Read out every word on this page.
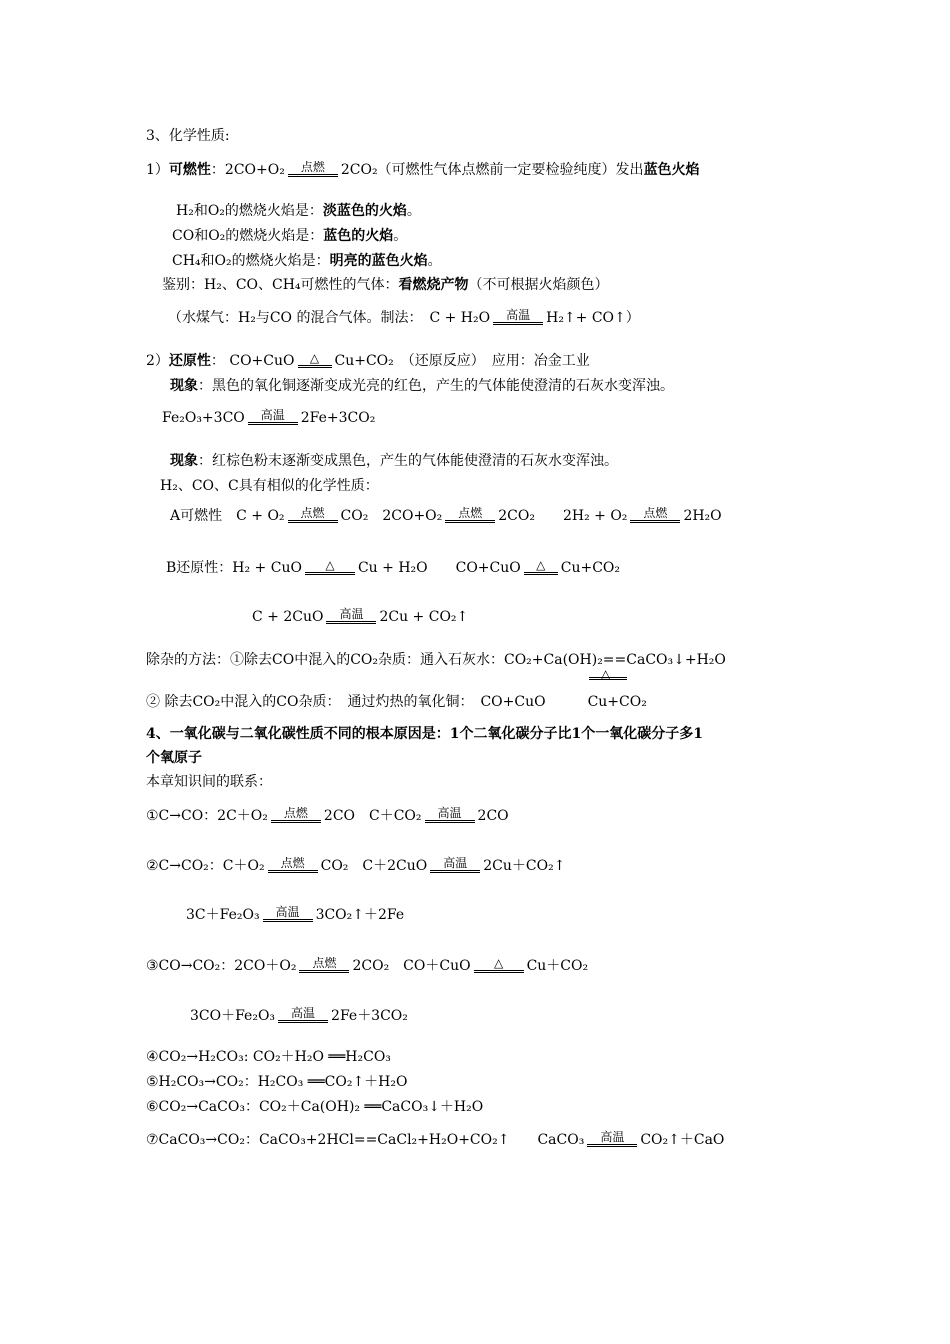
3、化学性质:
1）可燃性：2CO+O₂ 点燃 2CO₂（可燃性气体点燃前一定要检验纯度）发出蓝色火焰
H₂和O₂的燃烧火焰是：淡蓝色的火焰。
CO和O₂的燃烧火焰是：蓝色的火焰。
CH₄和O₂的燃烧火焰是：明亮的蓝色火焰。
鉴别：H₂、CO、CH₄可燃性的气体：看燃烧产物（不可根据火焰颜色）
（水煤气：H₂与CO 的混合气体。制法：　C + H₂O 高温 H₂↑+ CO↑）
2）还原性： CO+CuO △ Cu+CO₂　（还原反应）　应用：冶金工业
现象：黑色的氧化铜逐渐变成光亮的红色，产生的气体能使澄清的石灰水变浑浊。
Fe₂O₃+3CO 高温 2Fe+3CO₂
现象：红棕色粉末逐渐变成黑色，产生的气体能使澄清的石灰水变浑浊。
H₂、CO、C具有相似的化学性质：
A可燃性　C + O₂ 点燃 CO₂　2CO+O₂ 点燃 2CO₂　　2H₂ + O₂ 点燃 2H₂O
B还原性：H₂ + CuO △ Cu + H₂O　　CO+CuO △ Cu+CO₂
C + 2CuO 高温 2Cu + CO₂↑
除杂的方法：①除去CO中混入的CO₂杂质：通入石灰水：CO₂+Ca(OH)₂==CaCO₃↓+H₂O
△
② 除去CO₂中混入的CO杂质：　通过灼热的氧化铜：　CO+CuO	Cu+CO₂
4、一氧化碳与二氧化碳性质不同的根本原因是：1个二氧化碳分子比1个一氧化碳分子多1
个氧原子
本章知识间的联系：
①C→CO：2C＋O₂ 点燃 2CO　C＋CO₂ 高温 2CO
②C→CO₂：C＋O₂ 点燃 CO₂　C＋2CuO 高温 2Cu＋CO₂↑
3C＋Fe₂O₃ 高温 3CO₂↑＋2Fe
③CO→CO₂：2CO＋O₂ 点燃 2CO₂　CO＋CuO △ Cu＋CO₂
3CO＋Fe₂O₃ 高温 2Fe＋3CO₂
④CO₂→H₂CO₃: CO₂＋H₂O ══H₂CO₃
⑤H₂CO₃→CO₂：H₂CO₃ ══CO₂↑＋H₂O
⑥CO₂→CaCO₃：CO₂＋Ca(OH)₂ ══CaCO₃↓＋H₂O
⑦CaCO₃→CO₂：CaCO₃+2HCl==CaCl₂+H₂O+CO₂↑　　CaCO₃ 高温 CO₂↑＋CaO
